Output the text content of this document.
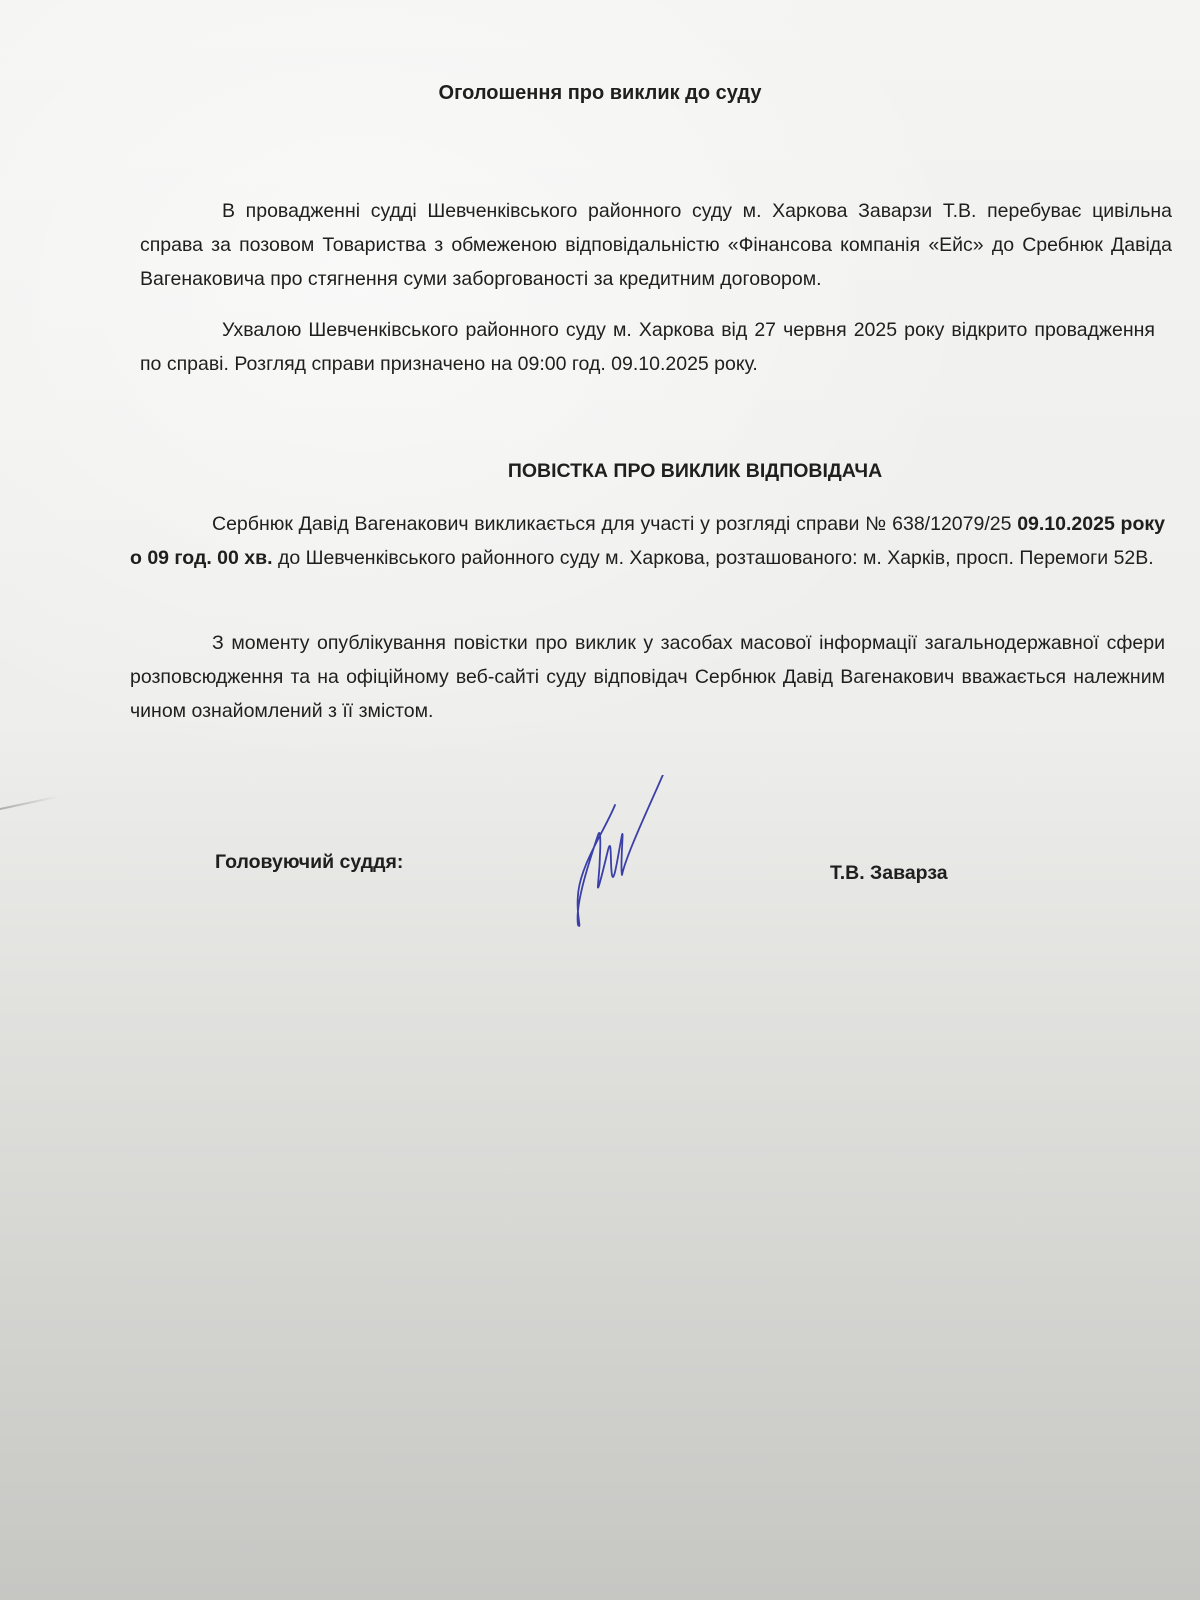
Оголошення про виклик до суду

В провадженні судді Шевченківського районного суду м. Харкова Заварзи Т.В. перебуває цивільна справа за позовом Товариства з обмеженою відповідальністю «Фінансова компанія «Ейс» до Сребнюк Давіда Вагенаковича про стягнення суми заборгованості за кредитним договором.

Ухвалою Шевченківського районного суду м. Харкова від 27 червня 2025 року відкрито провадження по справі. Розгляд справи призначено на 09:00 год. 09.10.2025 року.

ПОВІСТКА ПРО ВИКЛИК ВІДПОВІДАЧА

Сербнюк Давід Вагенакович викликається для участі у розгляді справи № 638/12079/25 09.10.2025 року о 09 год. 00 хв. до Шевченківського районного суду м. Харкова, розташованого: м. Харків, просп. Перемоги 52В.

З моменту опублікування повістки про виклик у засобах масової інформації загальнодержавної сфери розповсюдження та на офіційному веб-сайті суду відповідач Сербнюк Давід Вагенакович вважається належним чином ознайомлений з її змістом.

Головуючий суддя:	Т.В. Заварза
